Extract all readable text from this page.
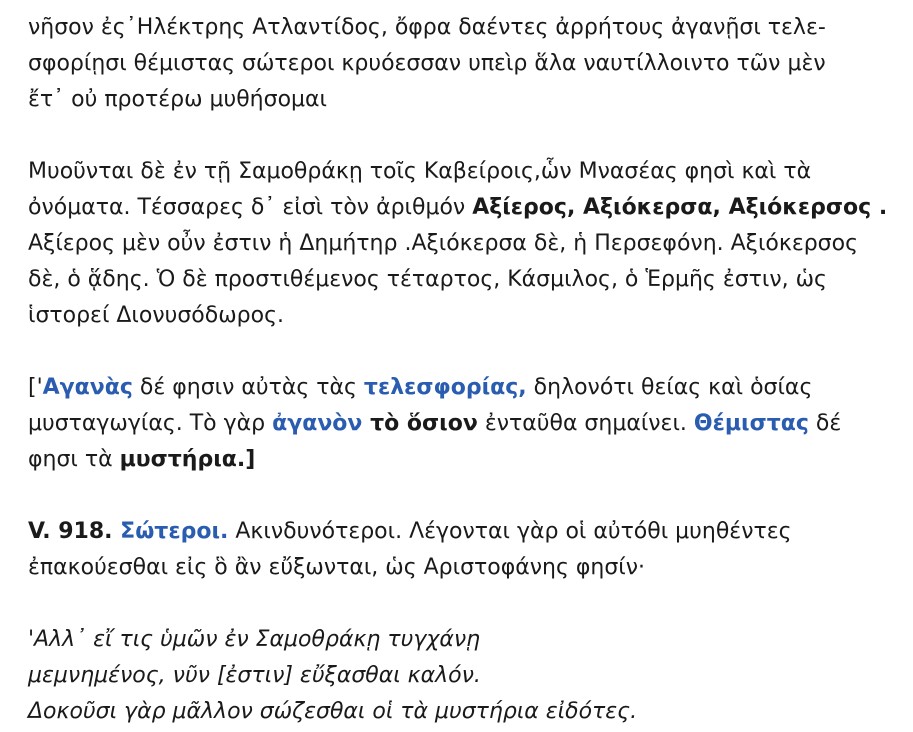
νῆσον ἐς᾽Ηλέκτρης Ατλαντίδος, ὄφρα δαέντες ἀρρήτους ἀγανῇσι τελε-
σφορίῃσι θέμιστας σώτεροι κρυόεσσαν υπεὶρ ἅλα ναυτίλλοιντο τῶν μὲν
ἔτ᾽ οὐ προτέρω μυθήσομαι

Μυοῦνται δὲ ἐν τῇ Σαμοθράκῃ τοῖς Καβείροις,ὧν Μνασέας φησὶ καὶ τὰ
ὀνόματα. Τέσσαρες δ᾽ εἰσὶ τὸν ἀριθμόν Αξίερος, Αξιόκερσα, Αξιόκερσος .
Αξίερος μὲν οὖν ἐστιν ἡ Δημήτηρ .Αξιόκερσα δὲ, ἡ Περσεφόνη. Αξιόκερσος
δὲ, ὁ ᾅδης. Ὁ δὲ προστιθέμενος τέταρτος, Κάσμιλος, ὁ Ἑρμῆς ἐστιν, ὡς
ἱστορεί Διονυσόδωρος.

['Αγανὰς δέ φησιν αὐτὰς τὰς τελεσφορίας, δηλονότι θείας καὶ ὁσίας
μυσταγωγίας. Τὸ γὰρ ἀγανὸν τὸ ὅσιον ἐνταῦθα σημαίνει. Θέμιστας δέ
φησι τὰ μυστήρια.]

V. 918. Σώτεροι. Ακινδυνότεροι. Λέγονται γὰρ οἱ αὐτόθι μυηθέντες
ἐπακούεσθαι εἰς ὃ ἂν εὔξωνται, ὡς Αριστοφάνης φησίν·

'Αλλ᾽ εἴ τις ὑμῶν ἐν Σαμοθράκῃ τυγχάνῃ
μεμνημένος, νῦν [ἐστιν] εὔξασθαι καλόν.
Δοκοῦσι γὰρ μᾶλλον σώζεσθαι οἱ τὰ μυστήρια εἰδότες.
